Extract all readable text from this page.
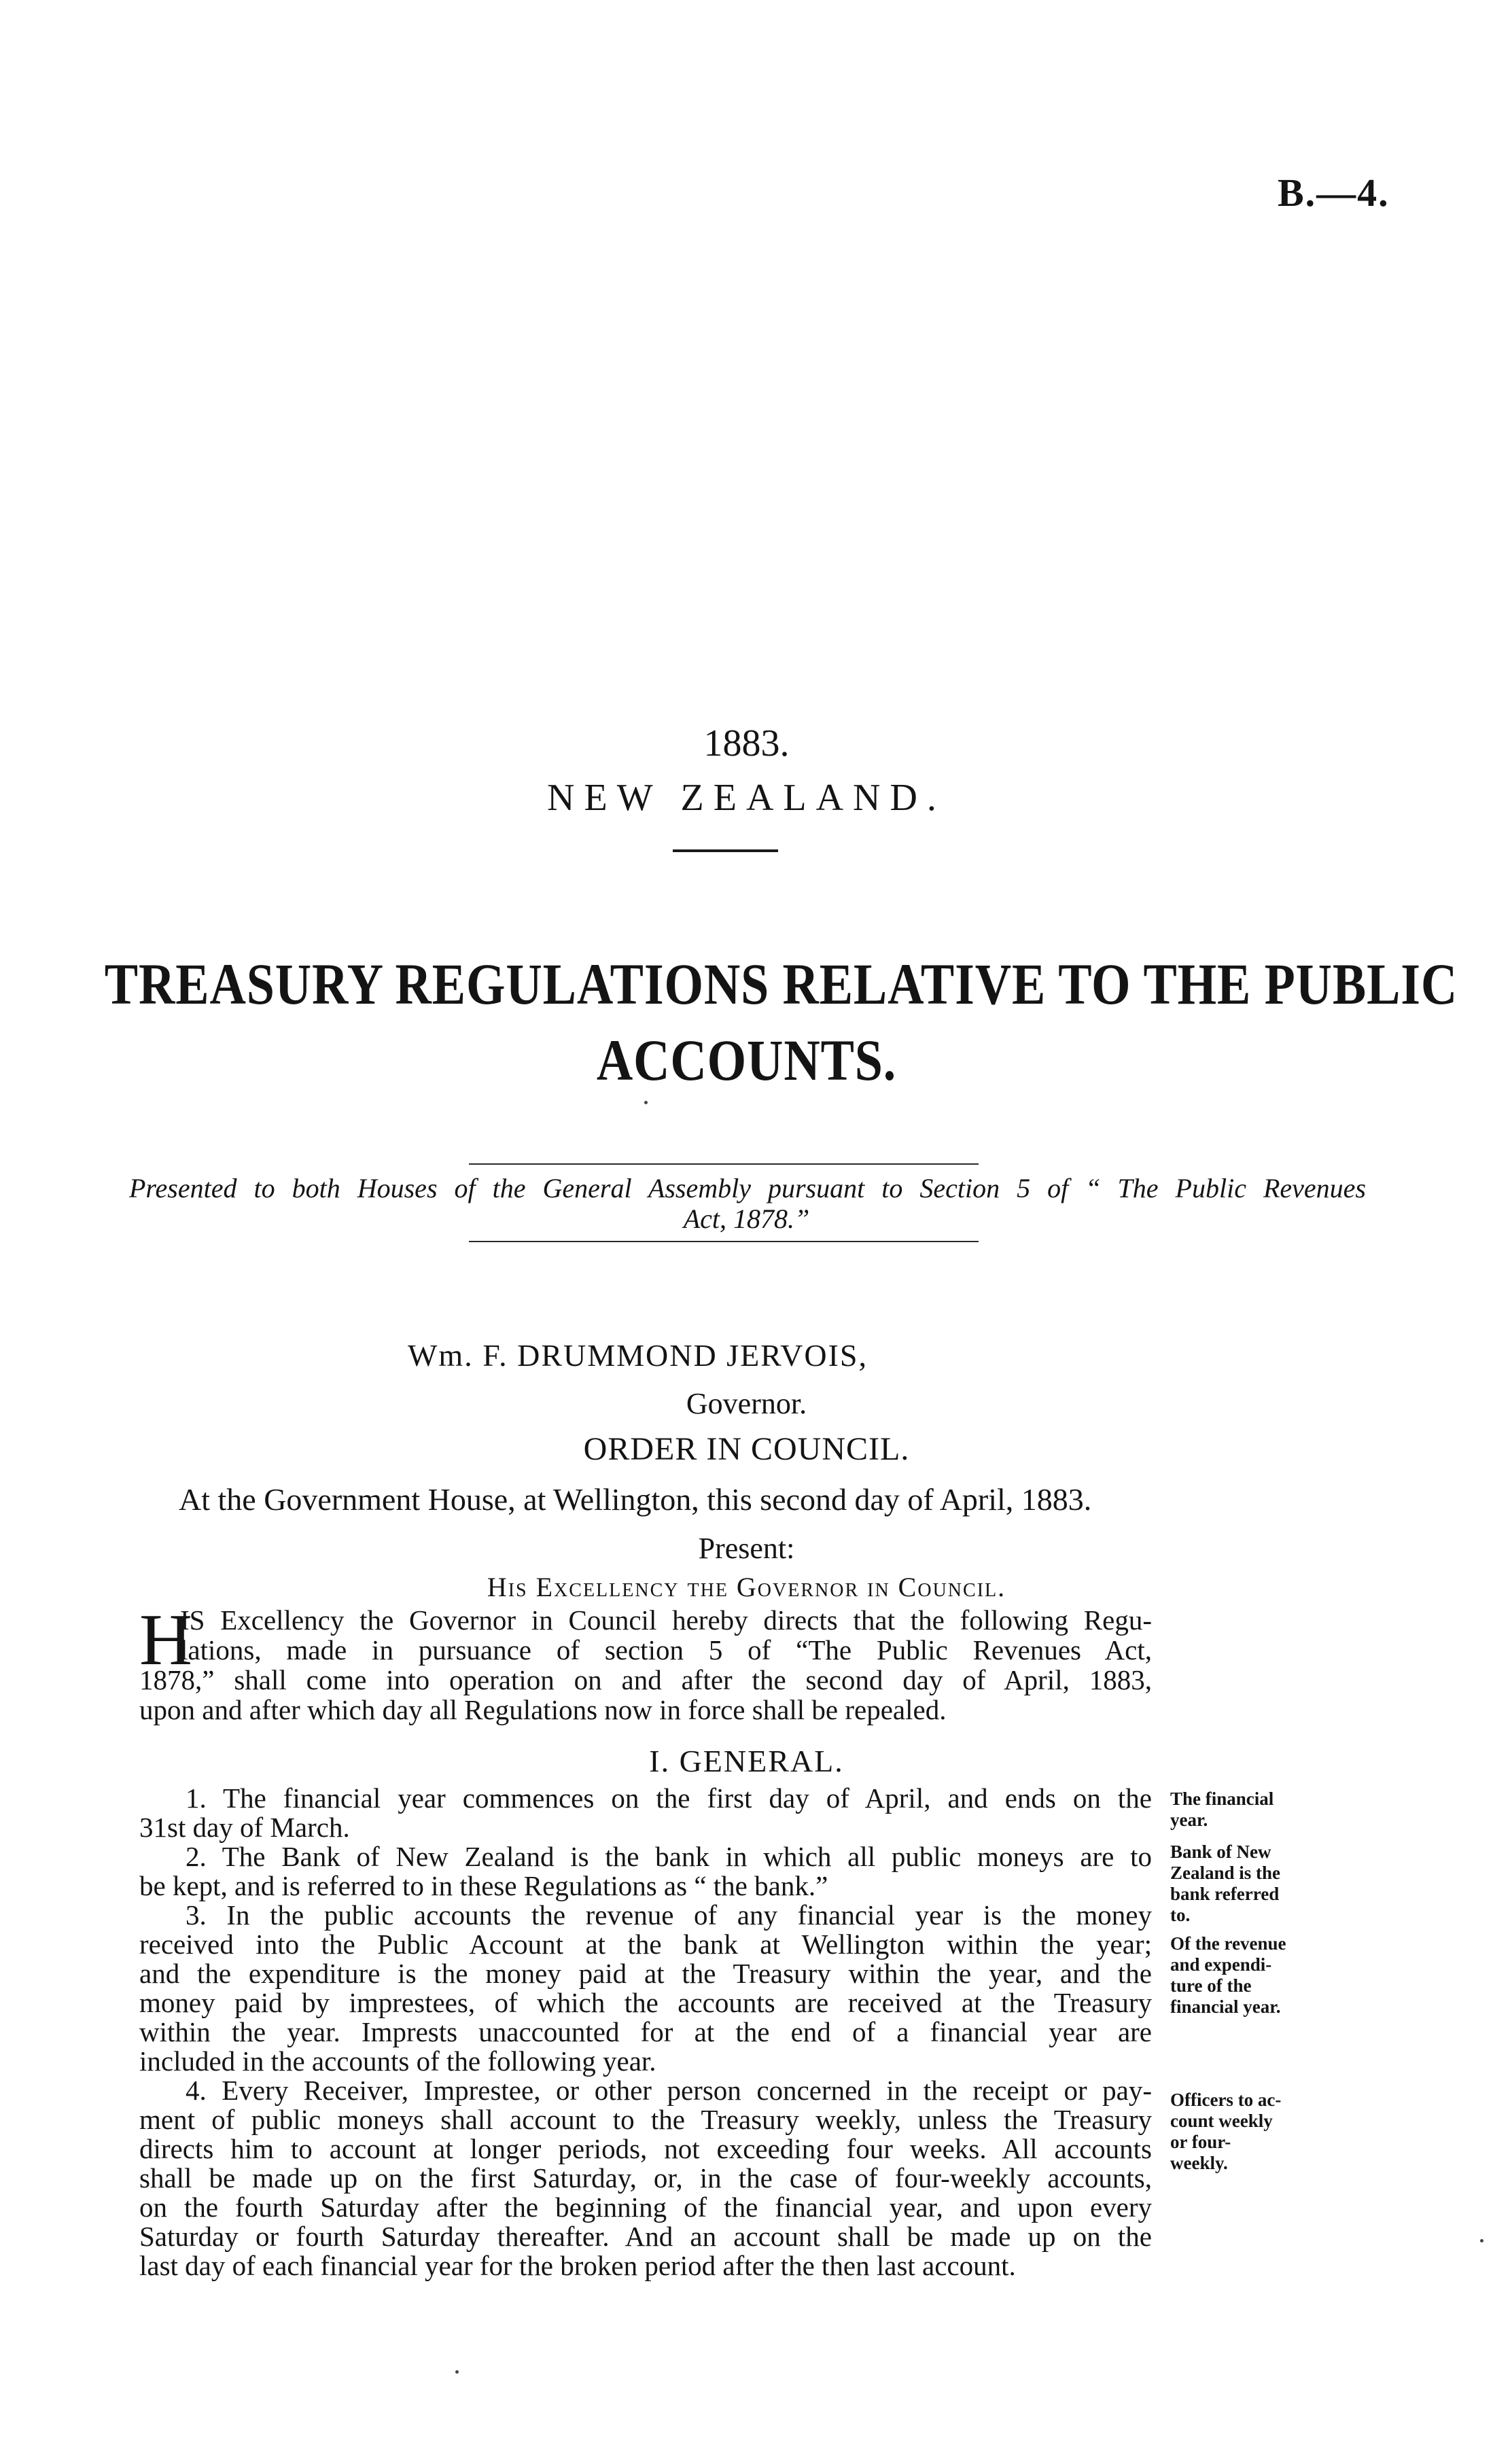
B.—4.
1883.
NEW ZEALAND.
TREASURY REGULATIONS RELATIVE TO THE PUBLIC
ACCOUNTS.
Presented to both Houses of the General Assembly pursuant to Section 5 of “ The Public Revenues
Act, 1878.”
Wm. F. DRUMMOND JERVOIS,
Governor.
ORDER IN COUNCIL.
At the Government House, at Wellington, this second day of April, 1883.
Present:
His Excellency the Governor in Council.
H
IS Excellency the Governor in Council hereby directs that the following Regu-
lations, made in pursuance of section 5 of “The Public Revenues Act,
1878,” shall come into operation on and after the second day of April, 1883,
upon and after which day all Regulations now in force shall be repealed.
I. GENERAL.
1. The financial year commences on the first day of April, and ends on the
31st day of March.
2. The Bank of New Zealand is the bank in which all public moneys are to
be kept, and is referred to in these Regulations as “ the bank.”
3. In the public accounts the revenue of any financial year is the money
received into the Public Account at the bank at Wellington within the year;
and the expenditure is the money paid at the Treasury within the year, and the
money paid by imprestees, of which the accounts are received at the Treasury
within the year. Imprests unaccounted for at the end of a financial year are
included in the accounts of the following year.
4. Every Receiver, Imprestee, or other person concerned in the receipt or pay-
ment of public moneys shall account to the Treasury weekly, unless the Treasury
directs him to account at longer periods, not exceeding four weeks. All accounts
shall be made up on the first Saturday, or, in the case of four-weekly accounts,
on the fourth Saturday after the beginning of the financial year, and upon every
Saturday or fourth Saturday thereafter. And an account shall be made up on the
last day of each financial year for the broken period after the then last account.
The financial
year.
Bank of New
Zealand is the
bank referred
to.
Of the revenue
and expendi-
ture of the
financial year.
Officers to ac-
count weekly
or four-
weekly.
